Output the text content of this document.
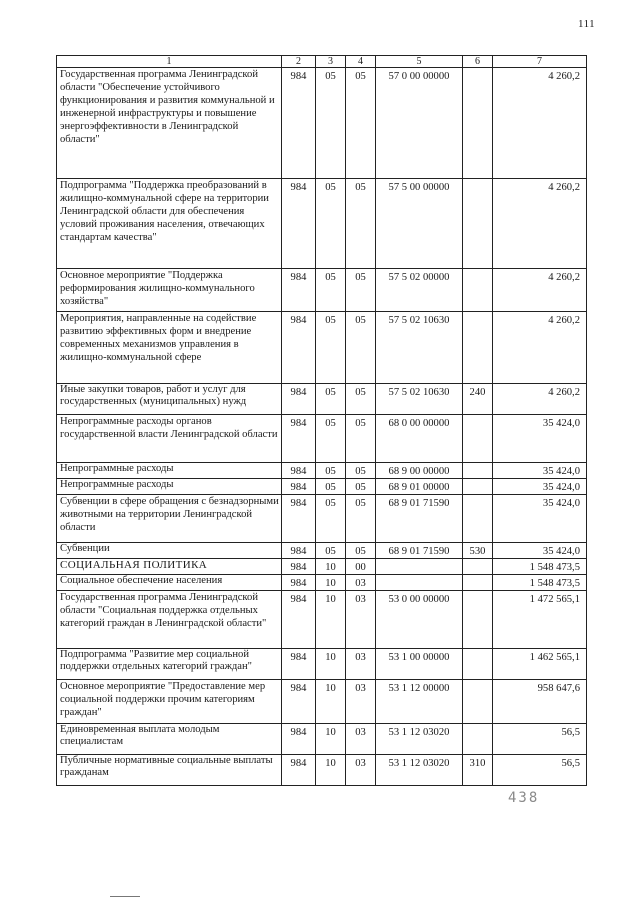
111
1	2	3	4	5	6	7
Государственная программа Ленинградской области "Обеспечение устойчивого функционирования и развития коммунальной и инженерной инфраструктуры и повышение энергоэффективности в Ленинградской области"	984	05	05	57 0 00 00000		4 260,2
Подпрограмма "Поддержка преобразований в жилищно-коммунальной сфере на территории Ленинградской области для обеспечения условий проживания населения, отвечающих стандартам качества"	984	05	05	57 5 00 00000		4 260,2
Основное мероприятие "Поддержка реформирования жилищно-коммунального хозяйства"	984	05	05	57 5 02 00000		4 260,2
Мероприятия, направленные на содействие развитию эффективных форм и внедрение современных механизмов управления в жилищно-коммунальной сфере	984	05	05	57 5 02 10630		4 260,2
Иные закупки товаров, работ и услуг для государственных (муниципальных) нужд	984	05	05	57 5 02 10630	240	4 260,2
Непрограммные расходы органов государственной власти Ленинградской области	984	05	05	68 0 00 00000		35 424,0
Непрограммные расходы	984	05	05	68 9 00 00000		35 424,0
Непрограммные расходы	984	05	05	68 9 01 00000		35 424,0
Субвенции в сфере обращения с безнадзорными животными на территории Ленинградской области	984	05	05	68 9 01 71590		35 424,0
Субвенции	984	05	05	68 9 01 71590	530	35 424,0
СОЦИАЛЬНАЯ ПОЛИТИКА	984	10	00			1 548 473,5
Социальное обеспечение населения	984	10	03			1 548 473,5
Государственная программа Ленинградской области "Социальная поддержка отдельных категорий граждан в Ленинградской области"	984	10	03	53 0 00 00000		1 472 565,1
Подпрограмма "Развитие мер социальной поддержки отдельных категорий граждан"	984	10	03	53 1 00 00000		1 462 565,1
Основное мероприятие "Предоставление мер социальной поддержки прочим категориям граждан"	984	10	03	53 1 12 00000		958 647,6
Единовременная выплата молодым специалистам	984	10	03	53 1 12 03020		56,5
Публичные нормативные социальные выплаты гражданам	984	10	03	53 1 12 03020	310	56,5
438
